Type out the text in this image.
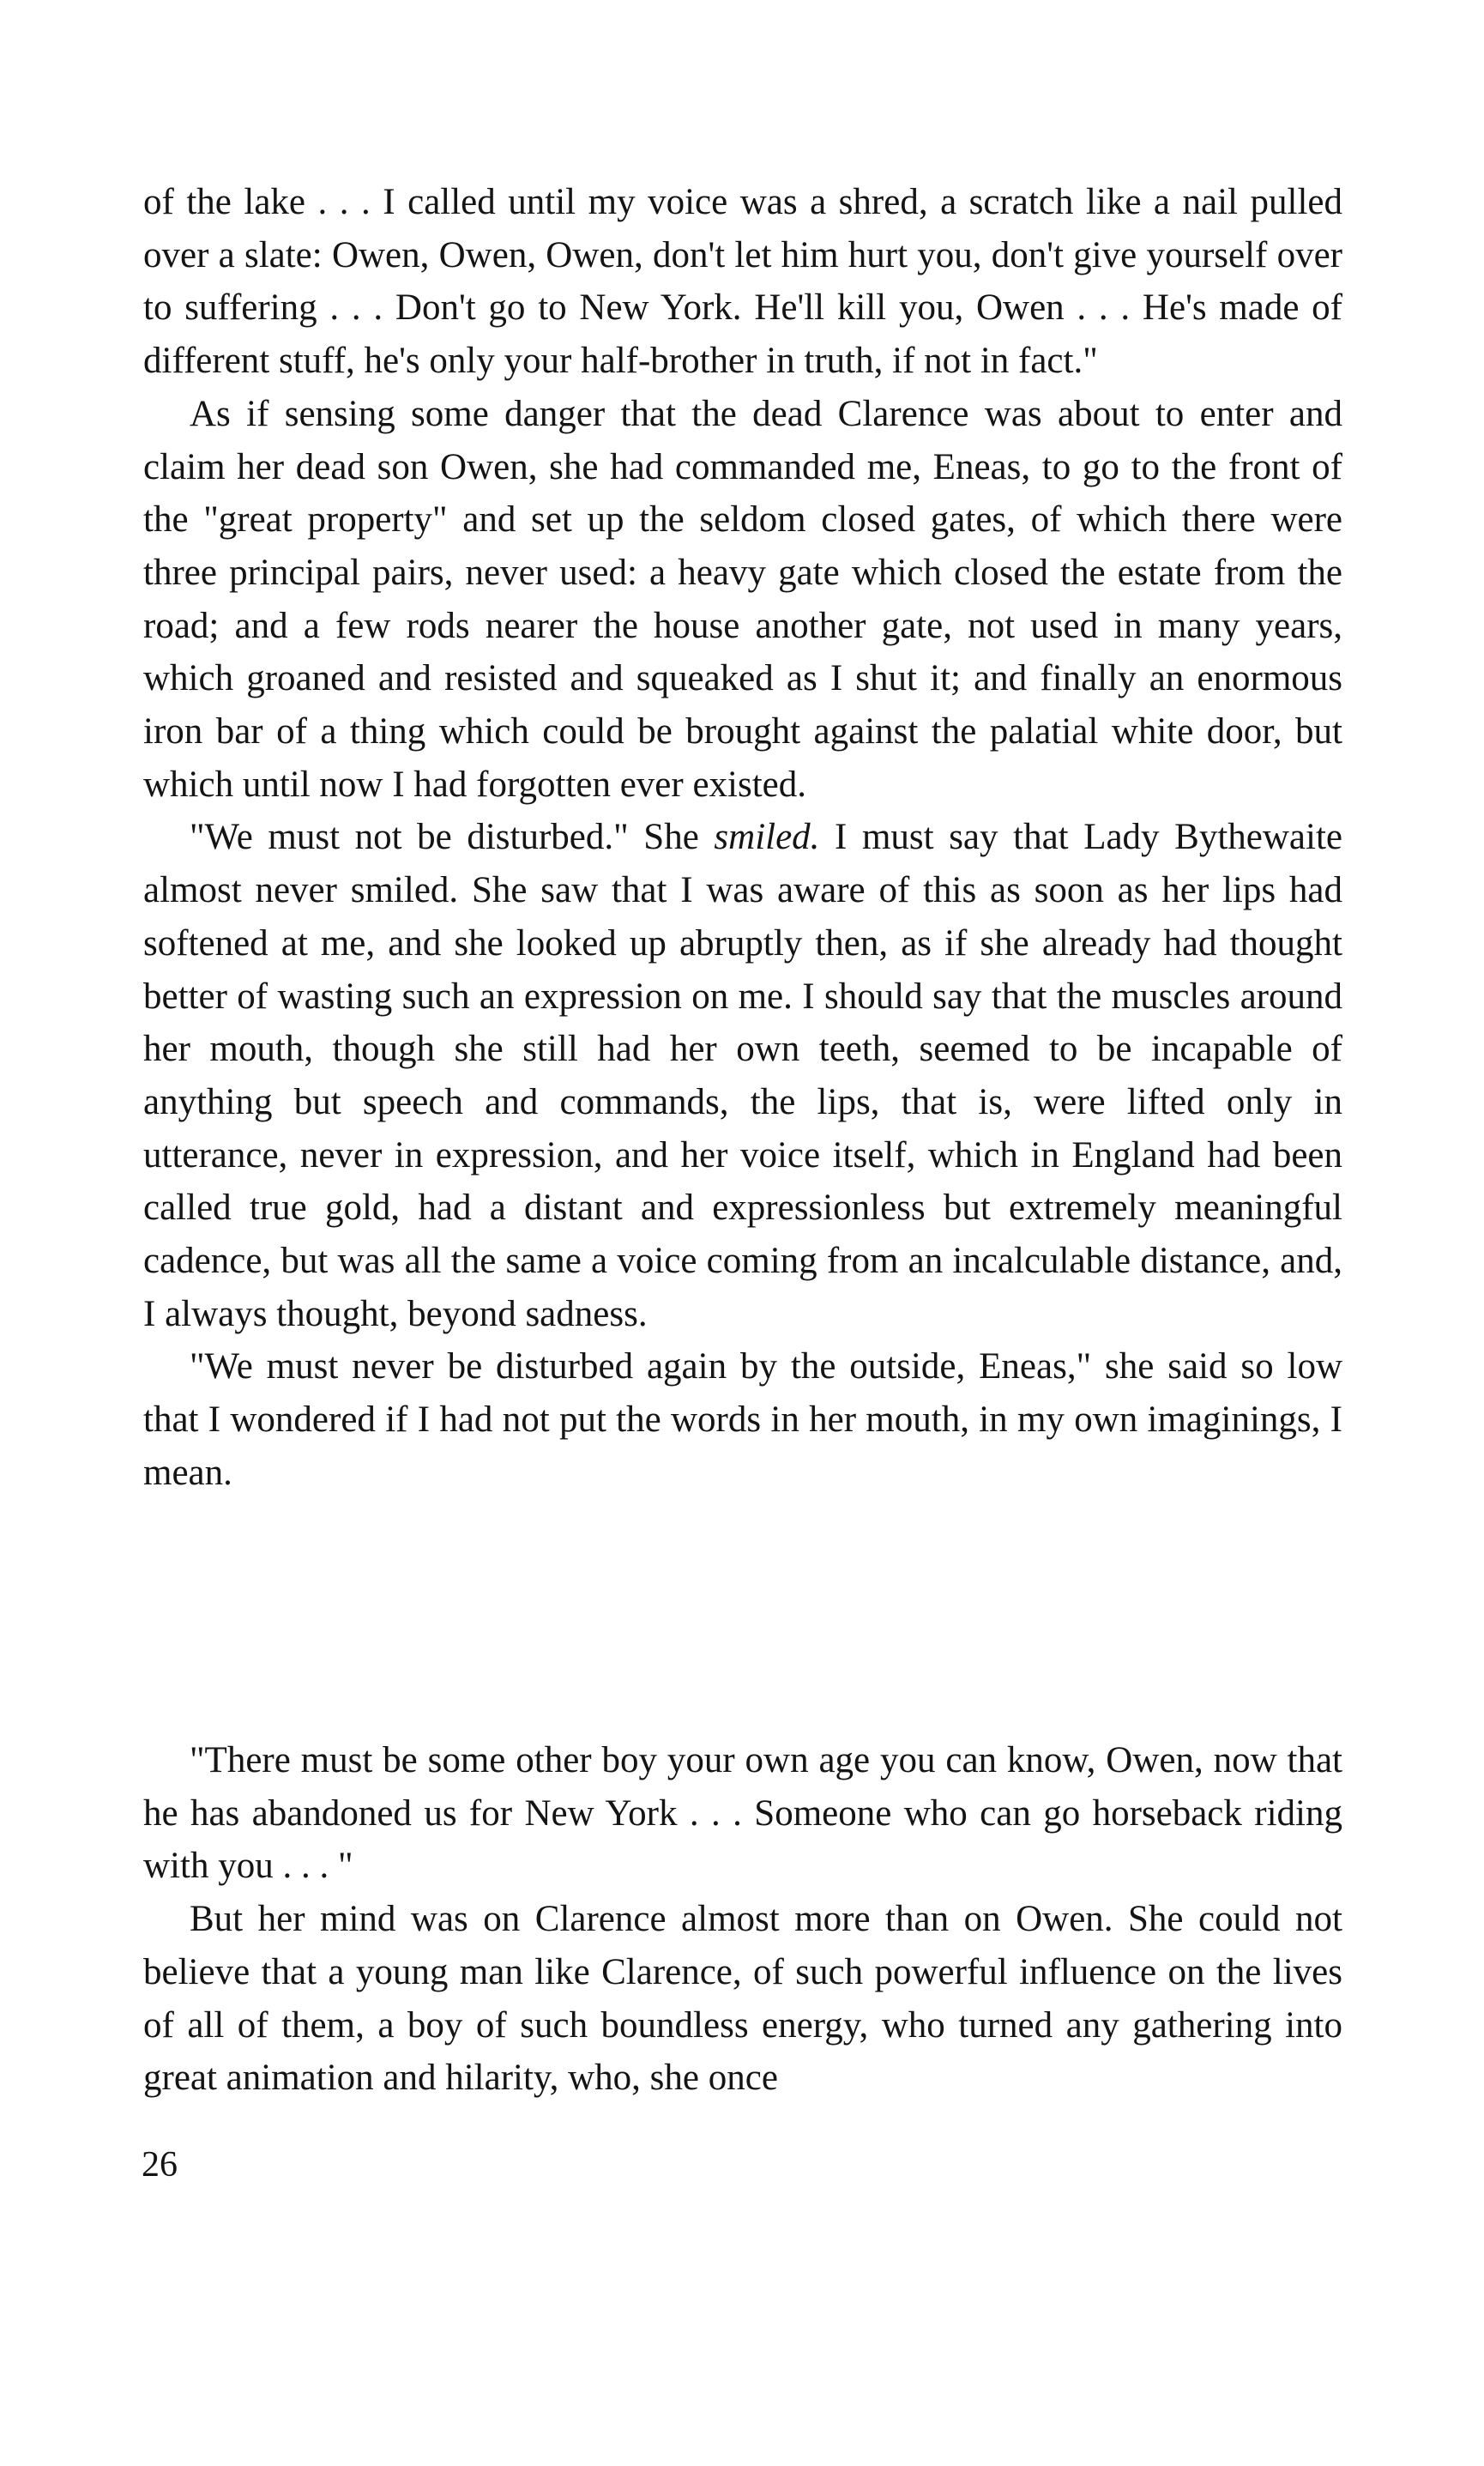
of the lake . . . I called until my voice was a shred, a scratch like a nail pulled over a slate: Owen, Owen, Owen, don't let him hurt you, don't give yourself over to suffering . . . Don't go to New York. He'll kill you, Owen . . . He's made of different stuff, he's only your half-brother in truth, if not in fact."

As if sensing some danger that the dead Clarence was about to enter and claim her dead son Owen, she had commanded me, Eneas, to go to the front of the "great property" and set up the seldom closed gates, of which there were three principal pairs, never used: a heavy gate which closed the estate from the road; and a few rods nearer the house another gate, not used in many years, which groaned and resisted and squeaked as I shut it; and finally an enormous iron bar of a thing which could be brought against the palatial white door, but which until now I had forgotten ever existed.

"We must not be disturbed." She smiled. I must say that Lady Bythewaite almost never smiled. She saw that I was aware of this as soon as her lips had softened at me, and she looked up abruptly then, as if she already had thought better of wasting such an expression on me. I should say that the muscles around her mouth, though she still had her own teeth, seemed to be incapable of anything but speech and commands, the lips, that is, were lifted only in utterance, never in expression, and her voice itself, which in England had been called true gold, had a distant and expressionless but extremely meaningful cadence, but was all the same a voice coming from an incalculable distance, and, I always thought, beyond sadness.

"We must never be disturbed again by the outside, Eneas," she said so low that I wondered if I had not put the words in her mouth, in my own imaginings, I mean.

"There must be some other boy your own age you can know, Owen, now that he has abandoned us for New York . . . Someone who can go horseback riding with you . . . "

But her mind was on Clarence almost more than on Owen. She could not believe that a young man like Clarence, of such powerful influence on the lives of all of them, a boy of such boundless energy, who turned any gathering into great animation and hilarity, who, she once

26
